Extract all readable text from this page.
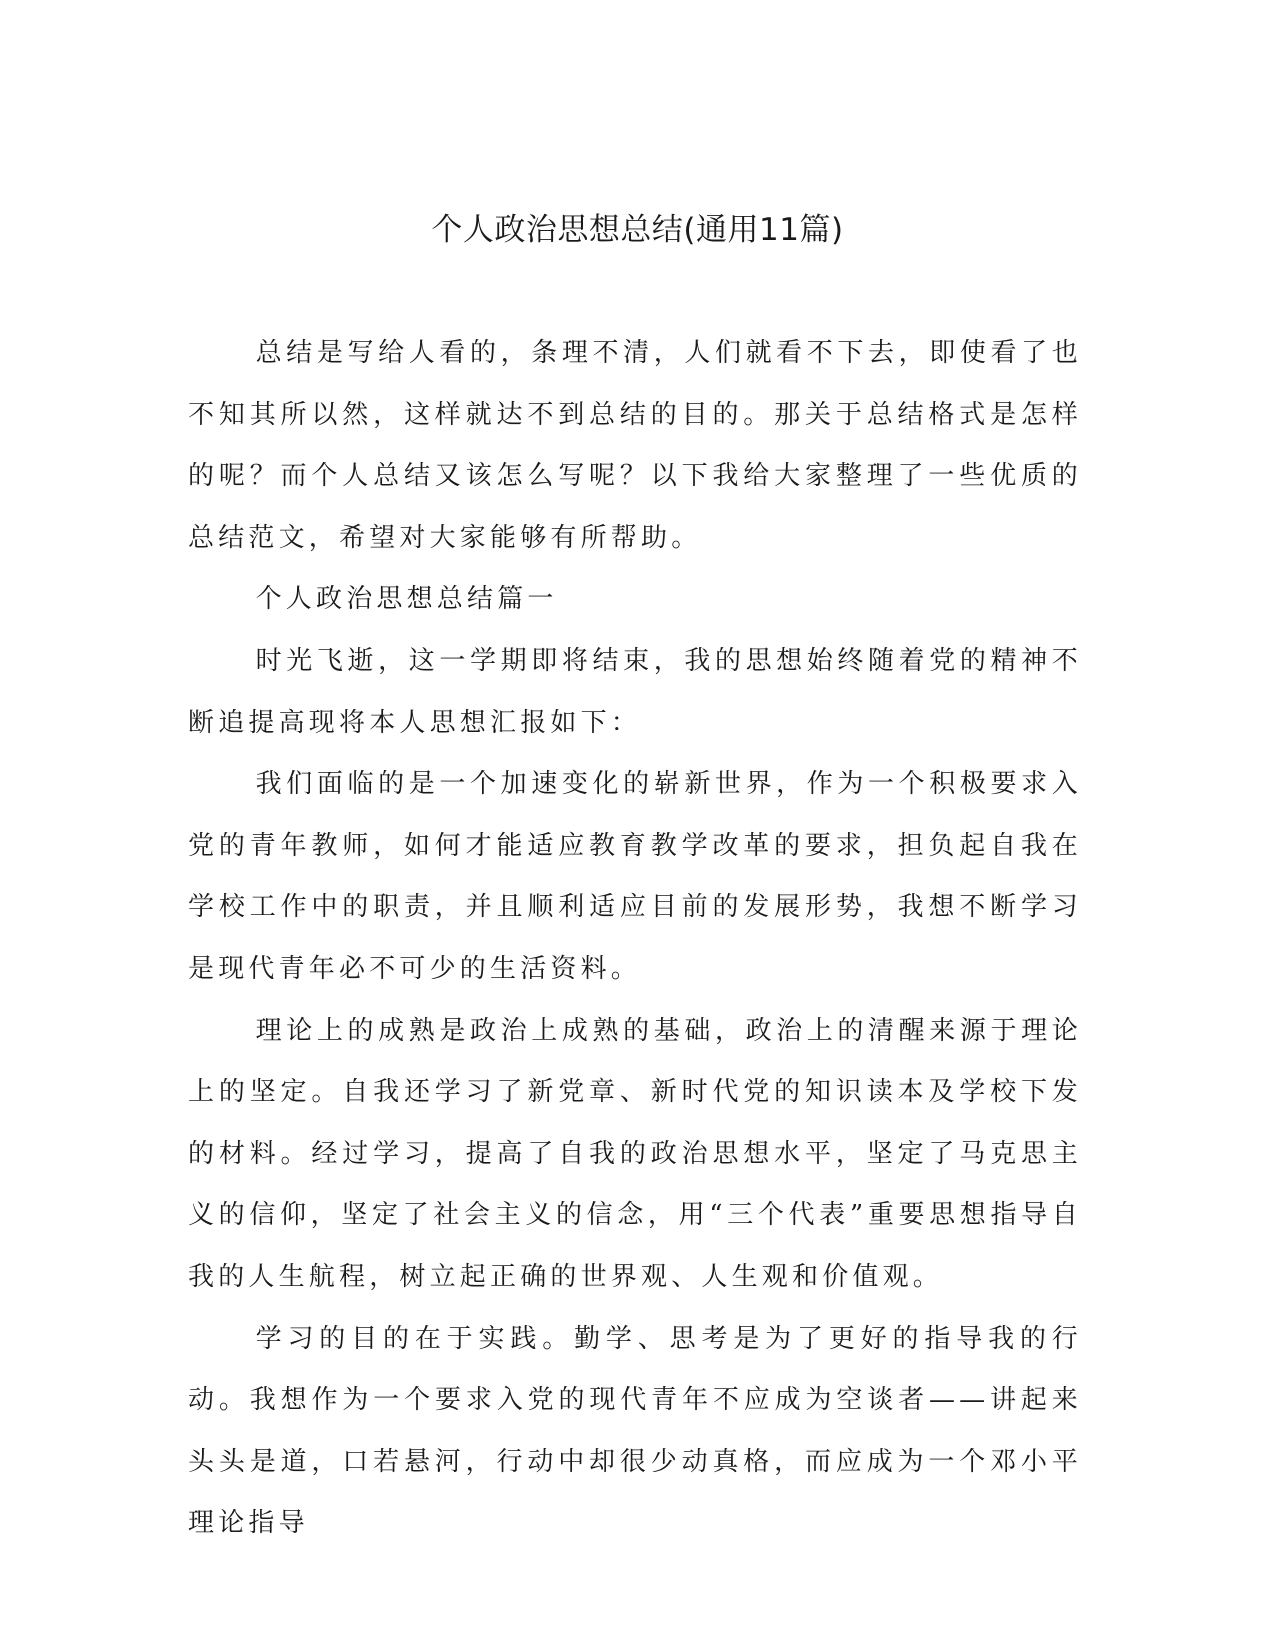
个人政治思想总结(通用11篇)

总结是写给人看的，条理不清，人们就看不下去，即使看了也不知其所以然，这样就达不到总结的目的。那关于总结格式是怎样的呢？而个人总结又该怎么写呢？以下我给大家整理了一些优质的总结范文，希望对大家能够有所帮助。

个人政治思想总结篇一

时光飞逝，这一学期即将结束，我的思想始终随着党的精神不断追提高现将本人思想汇报如下：

我们面临的是一个加速变化的崭新世界，作为一个积极要求入党的青年教师，如何才能适应教育教学改革的要求，担负起自我在学校工作中的职责，并且顺利适应目前的发展形势，我想不断学习是现代青年必不可少的生活资料。

理论上的成熟是政治上成熟的基础，政治上的清醒来源于理论上的坚定。自我还学习了新党章、新时代党的知识读本及学校下发的材料。经过学习，提高了自我的政治思想水平，坚定了马克思主义的信仰，坚定了社会主义的信念，用“三个代表”重要思想指导自我的人生航程，树立起正确的世界观、人生观和价值观。

学习的目的在于实践。勤学、思考是为了更好的指导我的行动。我想作为一个要求入党的现代青年不应成为空谈者——讲起来头头是道，口若悬河，行动中却很少动真格，而应成为一个邓小平理论指导
